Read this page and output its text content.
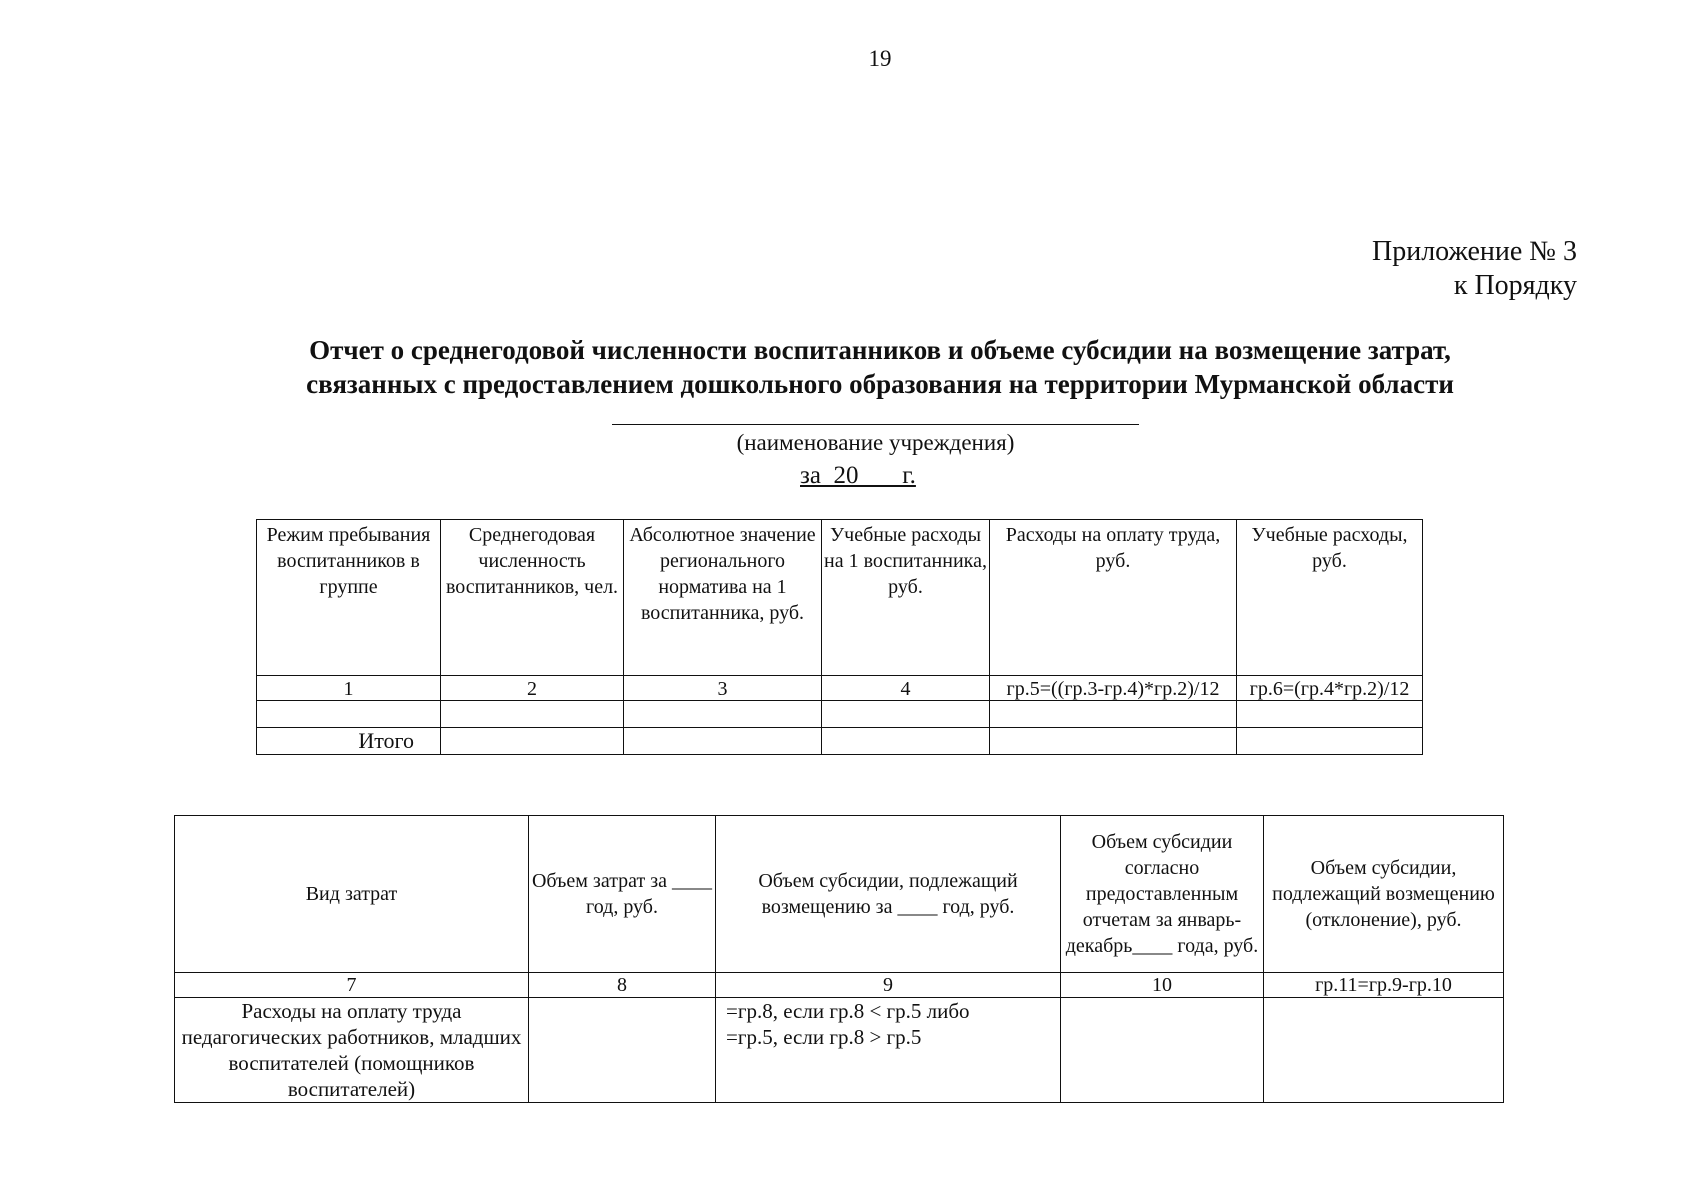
19
Приложение № 3
к Порядку
Отчет о среднегодовой численности воспитанников и объеме субсидии на возмещение затрат,
связанных с предоставлением дошкольного образования на территории Мурманской области
(наименование учреждения)
за  20       г.
Режим пребывания воспитанников в группе	Среднегодовая численность воспитанников, чел.	Абсолютное значение регионального норматива на 1 воспитанника, руб.	Учебные расходы на 1 воспитанника, руб.	Расходы на оплату труда, руб.	Учебные расходы, руб.
1	2	3	4	гр.5=((гр.3-гр.4)*гр.2)/12	гр.6=(гр.4*гр.2)/12

Итого					
Вид затрат	Объем затрат за ____ год, руб.	Объем субсидии, подлежащий возмещению за ____ год, руб.	Объем субсидии согласно предоставленным отчетам за январь-декабрь____ года, руб.	Объем субсидии, подлежащий возмещению (отклонение), руб.
7	8	9	10	гр.11=гр.9-гр.10
Расходы на оплату труда педагогических работников, младших воспитателей (помощников воспитателей)		=гр.8, если гр.8 < гр.5 либо
=гр.5, если гр.8 > гр.5		
